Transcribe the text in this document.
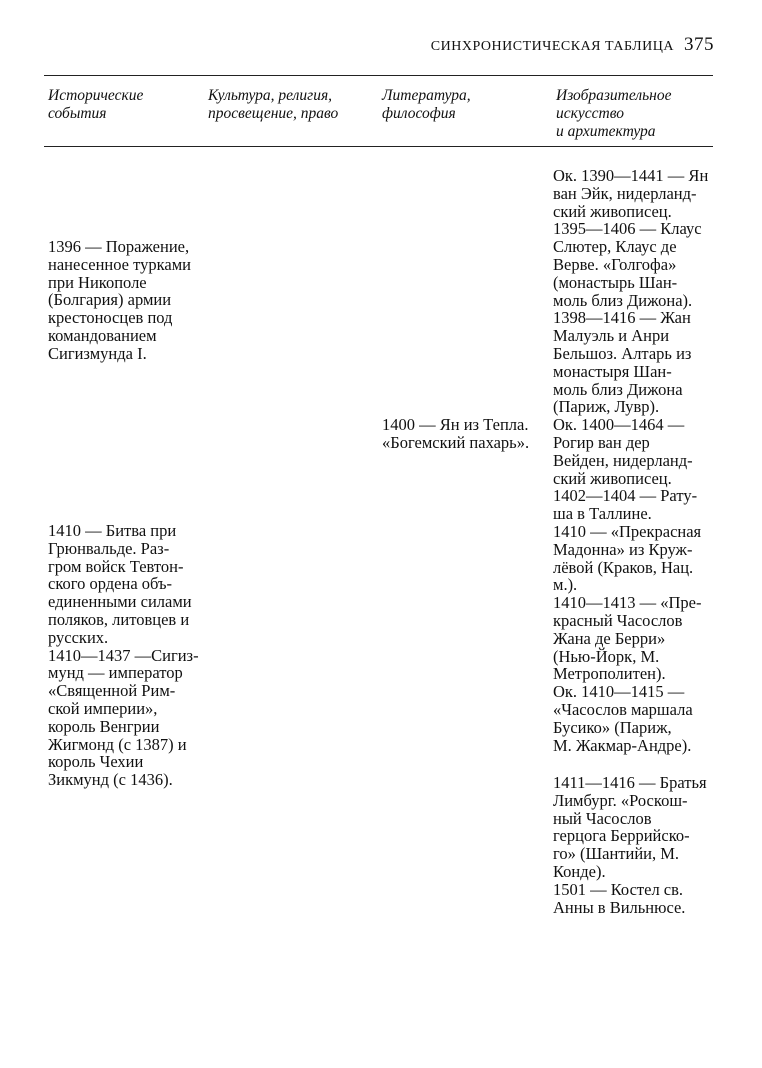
СИНХРОНИСТИЧЕСКАЯ ТАБЛИЦА 375
Исторические
события
Культура, религия,
просвещение, право
Литература,
философия
Изобразительное
искусство
и архитектура
1396 — Поражение,
нанесенное турками
при Никополе
(Болгария) армии
крестоносцев под
командованием
Сигизмунда I.
1410 — Битва при
Грюнвальде. Раз-
гром войск Тевтон-
ского ордена объ-
единенными силами
поляков, литовцев и
русских.
1410—1437 —Сигиз-
мунд — император
«Священной Рим-
ской империи»,
король Венгрии
Жигмонд (с 1387) и
король Чехии
Зикмунд (с 1436).
1400 — Ян из Тепла.
«Богемский пахарь».
Ок. 1390—1441 — Ян
ван Эйк, нидерланд-
ский живописец.
1395—1406 — Клаус
Слютер, Клаус де
Верве. «Голгофа»
(монастырь Шан-
моль близ Дижона).
1398—1416 — Жан
Малуэль и Анри
Бельшоз. Алтарь из
монастыря Шан-
моль близ Дижона
(Париж, Лувр).
Ок. 1400—1464 —
Рогир ван дер
Вейден, нидерланд-
ский живописец.
1402—1404 — Рату-
ша в Таллине.
1410 — «Прекрасная
Мадонна» из Круж-
лёвой (Краков, Нац.
м.).
1410—1413 — «Пре-
красный Часослов
Жана де Берри»
(Нью-Йорк, М.
Метрополитен).
Ок. 1410—1415 —
«Часослов маршала
Бусико» (Париж,
М. Жакмар-Андре).
1411—1416 — Братья
Лимбург. «Роскош-
ный Часослов
герцога Беррийско-
го» (Шантийи, М.
Конде).
1501 — Костел св.
Анны в Вильнюсе.
